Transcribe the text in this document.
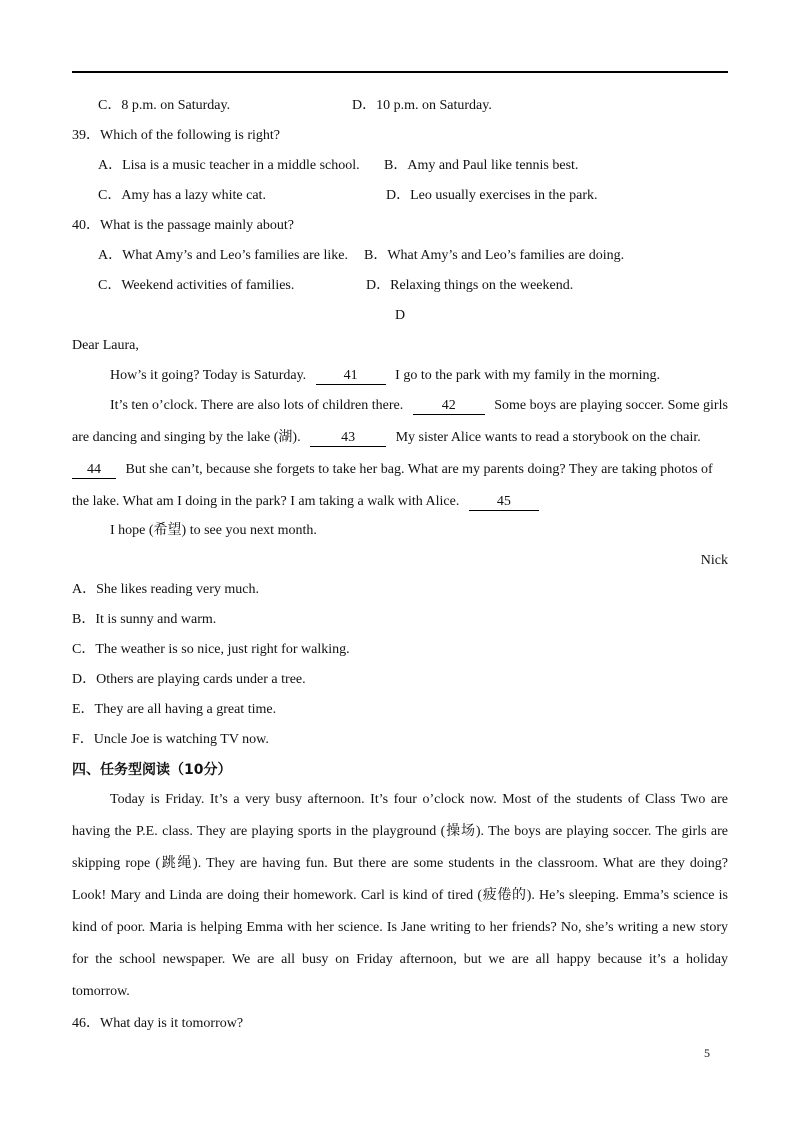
C．8 p.m. on Saturday.	D．10 p.m. on Saturday.
39．Which of the following is right?
A．Lisa is a music teacher in a middle school. B．Amy and Paul like tennis best.
C．Amy has a lazy white cat.	D．Leo usually exercises in the park.
40．What is the passage mainly about?
A．What Amy’s and Leo’s families are like. B．What Amy’s and Leo’s families are doing.
C．Weekend activities of families.	D．Relaxing things on the weekend.
D
Dear Laura,
How’s it going? Today is Saturday.	41	I go to the park with my family in the morning.
It’s ten o’clock. There are also lots of children there.	42	Some boys are playing soccer. Some girls
are dancing and singing by the lake (湖).	43	My sister Alice wants to read a storybook on the chair.
44 But she can’t, because she forgets to take her bag. What are my parents doing? They are taking photos of
the lake. What am I doing in the park? I am taking a walk with Alice.	45
I hope (希望) to see you next month.
Nick
A．She likes reading very much.
B．It is sunny and warm.
C．The weather is so nice, just right for walking.
D．Others are playing cards under a tree.
E．They are all having a great time.
F．Uncle Joe is watching TV now.
四、任务型阅读（10分）

Today is Friday. It’s a very busy afternoon. It’s four o’clock now. Most of the students of Class Two are

having the P.E. class. They are playing sports in the playground (操场). The boys are playing soccer. The girls are

skipping rope (跳绳). They are having fun. But there are some students in the classroom. What are they doing?

Look! Mary and Linda are doing their homework. Carl is kind of tired (疲倦的). He’s sleeping. Emma’s science is

kind of poor. Maria is helping Emma with her science. Is Jane writing to her friends? No, she’s writing a new story

for the school newspaper. We are all busy on Friday afternoon, but we are all happy because it’s a holiday

tomorrow.

46．What day is it tomorrow?
5
